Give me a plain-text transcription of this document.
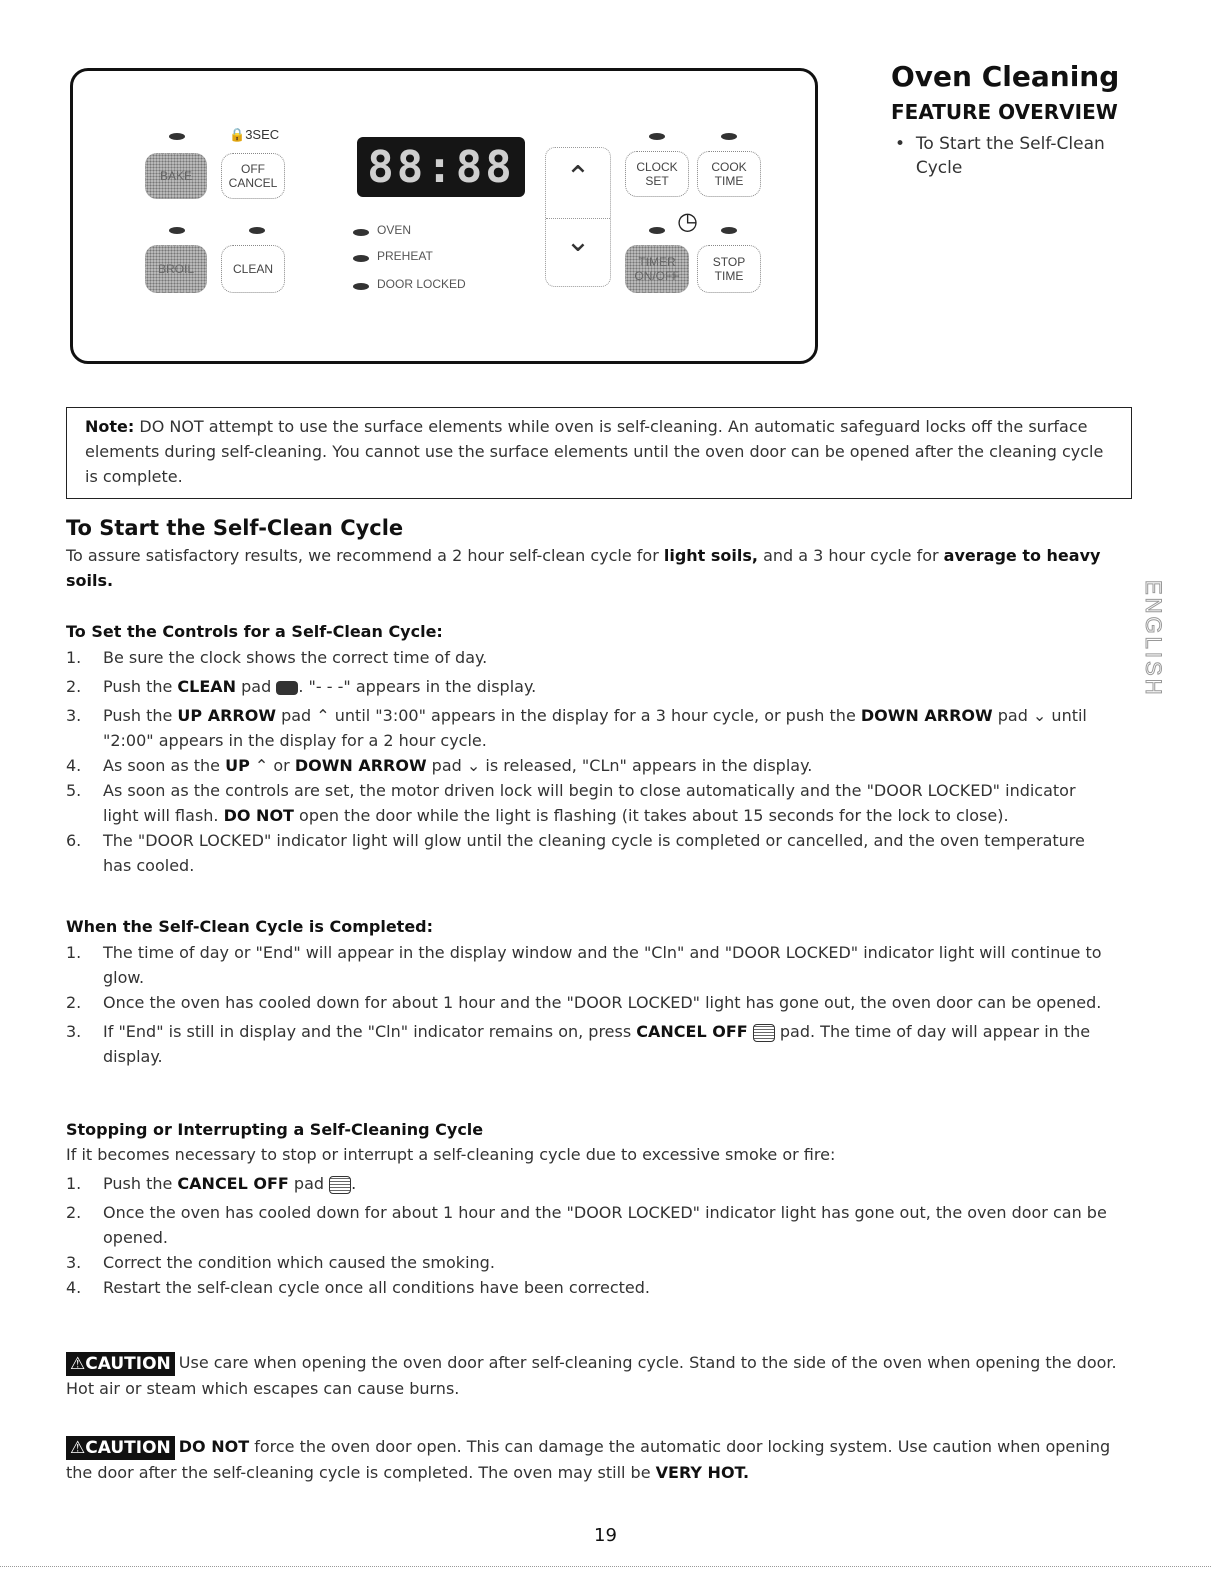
🔒3SEC
BAKE	OFF
CANCEL
BROIL	CLEAN
88:88
OVEN
PREHEAT
DOOR LOCKED
⌃
⌄
CLOCK
SET
COOK
TIME
◷
TIMER
ON/OFF
STOP
TIME
Oven Cleaning
FEATURE OVERVIEW
•  To Start the Self-Clean Cycle
Note: DO NOT attempt to use the surface elements while oven is self-cleaning. An automatic safeguard locks off the surface elements during self-cleaning. You cannot use the surface elements until the oven door can be opened after the cleaning cycle is complete.
To Start the Self-Clean Cycle
To assure satisfactory results, we recommend a 2 hour self-clean cycle for light soils, and a 3 hour cycle for average to heavy soils.
To Set the Controls for a Self-Clean Cycle:
1. Be sure the clock shows the correct time of day.
2. Push the CLEAN pad . "- - -" appears in the display.
3. Push the UP ARROW pad ⌃ until "3:00" appears in the display for a 3 hour cycle, or push the DOWN ARROW pad ⌄ until "2:00" appears in the display for a 2 hour cycle.
4. As soon as the UP ⌃ or DOWN ARROW pad ⌄ is released, "CLn" appears in the display.
5. As soon as the controls are set, the motor driven lock will begin to close automatically and the "DOOR LOCKED" indicator light will flash. DO NOT open the door while the light is flashing (it takes about 15 seconds for the lock to close).
6. The "DOOR LOCKED" indicator light will glow until the cleaning cycle is completed or cancelled, and the oven temperature has cooled.
When the Self-Clean Cycle is Completed:
1. The time of day or "End" will appear in the display window and the "Cln" and "DOOR LOCKED" indicator light will continue to glow.
2. Once the oven has cooled down for about 1 hour and the "DOOR LOCKED" light has gone out, the oven door can be opened.
3. If "End" is still in display and the "Cln" indicator remains on, press CANCEL OFF  pad. The time of day will appear in the display.
Stopping or Interrupting a Self-Cleaning Cycle
If it becomes necessary to stop or interrupt a self-cleaning cycle due to excessive smoke or fire:
1. Push the CANCEL OFF pad .
2. Once the oven has cooled down for about 1 hour and the "DOOR LOCKED" indicator light has gone out, the oven door can be opened.
3. Correct the condition which caused the smoking.
4. Restart the self-clean cycle once all conditions have been corrected.
⚠CAUTION Use care when opening the oven door after self-cleaning cycle. Stand to the side of the oven when opening the door. Hot air or steam which escapes can cause burns.
⚠CAUTION DO NOT force the oven door open. This can damage the automatic door locking system. Use caution when opening the door after the self-cleaning cycle is completed. The oven may still be VERY HOT.
ENGLISH
19
